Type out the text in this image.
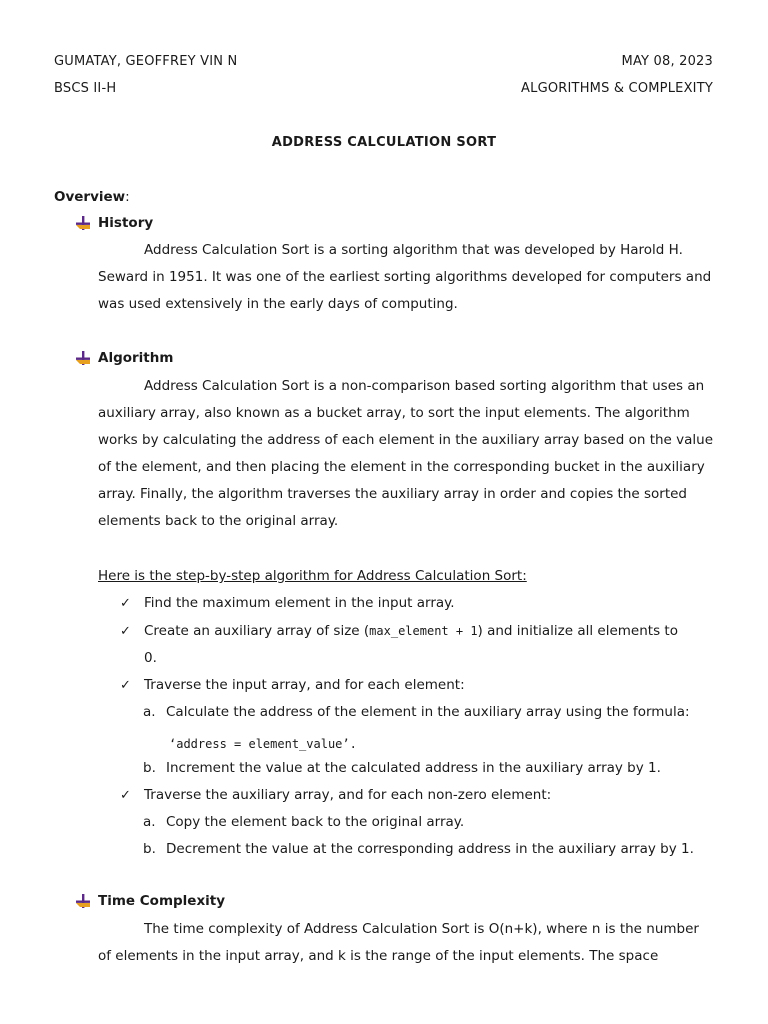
GUMATAY, GEOFFREY VIN N	MAY 08, 2023
BSCS II-H	ALGORITHMS & COMPLEXITY
ADDRESS CALCULATION SORT
Overview:
History
Address Calculation Sort is a sorting algorithm that was developed by Harold H.
Seward in 1951. It was one of the earliest sorting algorithms developed for computers and
was used extensively in the early days of computing.
Algorithm
Address Calculation Sort is a non-comparison based sorting algorithm that uses an
auxiliary array, also known as a bucket array, to sort the input elements. The algorithm
works by calculating the address of each element in the auxiliary array based on the value
of the element, and then placing the element in the corresponding bucket in the auxiliary
array. Finally, the algorithm traverses the auxiliary array in order and copies the sorted
elements back to the original array.
Here is the step-by-step algorithm for Address Calculation Sort:
✓ Find the maximum element in the input array.
✓ Create an auxiliary array of size (max_element + 1) and initialize all elements to
0.
✓ Traverse the input array, and for each element:
a. Calculate the address of the element in the auxiliary array using the formula:
‘address = element_value’.
b. Increment the value at the calculated address in the auxiliary array by 1.
✓ Traverse the auxiliary array, and for each non-zero element:
a. Copy the element back to the original array.
b. Decrement the value at the corresponding address in the auxiliary array by 1.
Time Complexity
The time complexity of Address Calculation Sort is O(n+k), where n is the number
of elements in the input array, and k is the range of the input elements. The space
